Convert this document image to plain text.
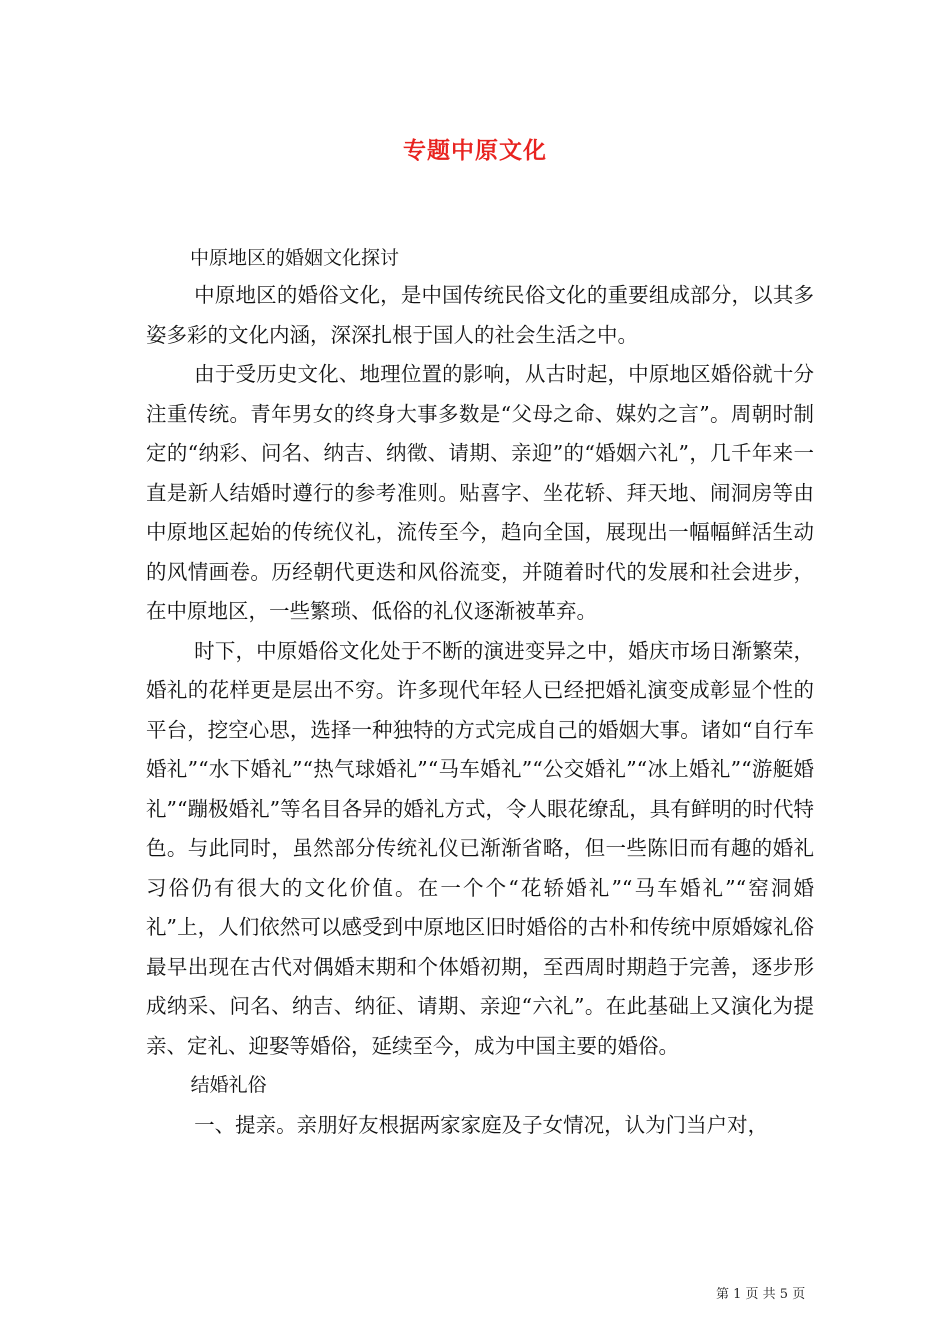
专题中原文化
中原地区的婚姻文化探讨

中原地区的婚俗文化，是中国传统民俗文化的重要组成部分，以其多姿多彩的文化内涵，深深扎根于国人的社会生活之中。

由于受历史文化、地理位置的影响，从古时起，中原地区婚俗就十分注重传统。青年男女的终身大事多数是“父母之命、媒妁之言”。周朝时制定的“纳彩、问名、纳吉、纳徵、请期、亲迎”的“婚姻六礼”，几千年来一直是新人结婚时遵行的参考准则。贴喜字、坐花轿、拜天地、闹洞房等由中原地区起始的传统仪礼，流传至今，趋向全国，展现出一幅幅鲜活生动的风情画卷。历经朝代更迭和风俗流变，并随着时代的发展和社会进步，在中原地区，一些繁琐、低俗的礼仪逐渐被革弃。

时下，中原婚俗文化处于不断的演进变异之中，婚庆市场日渐繁荣，婚礼的花样更是层出不穷。许多现代年轻人已经把婚礼演变成彰显个性的平台，挖空心思，选择一种独特的方式完成自己的婚姻大事。诸如“自行车婚礼”“水下婚礼”“热气球婚礼”“马车婚礼”“公交婚礼”“冰上婚礼”“游艇婚礼”“蹦极婚礼”等名目各异的婚礼方式，令人眼花缭乱，具有鲜明的时代特色。与此同时，虽然部分传统礼仪已渐渐省略，但一些陈旧而有趣的婚礼习俗仍有很大的文化价值。在一个个“花轿婚礼”“马车婚礼”“窑洞婚礼”上，人们依然可以感受到中原地区旧时婚俗的古朴和传统中原婚嫁礼俗最早出现在古代对偶婚末期和个体婚初期，至西周时期趋于完善，逐步形成纳采、问名、纳吉、纳征、请期、亲迎“六礼”。在此基础上又演化为提亲、定礼、迎娶等婚俗，延续至今，成为中国主要的婚俗。

结婚礼俗

一、提亲。亲朋好友根据两家家庭及子女情况，认为门当户对，

第 1 页 共 5 页
